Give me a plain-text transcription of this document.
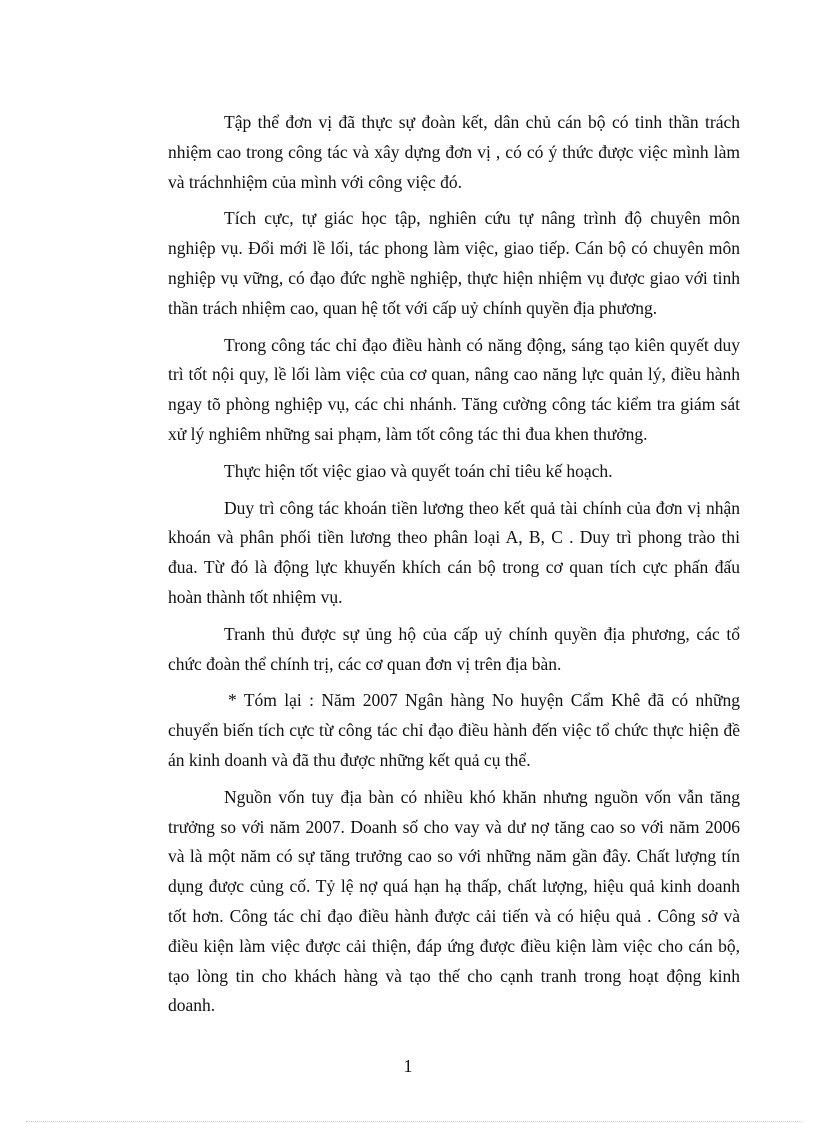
Tập thể đơn vị đã thực sự đoàn kết, dân chủ cán bộ có tinh thần trách nhiệm cao trong công tác và xây dựng đơn vị , có có ý thức được việc mình làm và tráchnhiệm của mình với công việc đó.

Tích cực, tự giác học tập, nghiên cứu tự nâng trình độ chuyên môn nghiệp vụ. Đổi mới lề lối, tác phong làm việc, giao tiếp. Cán bộ có chuyên môn nghiệp vụ vững, có đạo đức nghề nghiệp, thực hiện nhiệm vụ được giao với tinh thần trách nhiệm cao, quan hệ tốt với cấp uỷ chính quyền địa phương.

Trong công tác chỉ đạo điều hành có năng động, sáng tạo kiên quyết duy trì tốt nội quy, lề lối làm việc của cơ quan, nâng cao năng lực quản lý, điều hành ngay tõ phòng nghiệp vụ, các chi nhánh. Tăng cường công tác kiểm tra giám sát xử lý nghiêm những sai phạm, làm tốt công tác thi đua khen thưởng.

Thực hiện tốt việc giao và quyết toán chỉ tiêu kế hoạch.

Duy trì công tác khoán tiền lương theo kết quả tài chính của đơn vị nhận khoán và phân phối tiền lương theo phân loại A, B, C . Duy trì phong trào thi đua. Từ đó là động lực khuyến khích cán bộ trong cơ quan tích cực phấn đấu hoàn thành tốt nhiệm vụ.

Tranh thủ được sự ủng hộ của cấp uỷ chính quyền địa phương, các tổ chức đoàn thể chính trị, các cơ quan đơn vị trên địa bàn.

* Tóm lại : Năm 2007 Ngân hàng No huyện Cẩm Khê đã có những chuyển biến tích cực từ công tác chỉ đạo điều hành đến việc tổ chức thực hiện đề án kinh doanh và đã thu được những kết quả cụ thể.

Nguồn vốn tuy địa bàn có nhiều khó khăn nhưng nguồn vốn vẫn tăng trưởng so với năm 2007. Doanh số cho vay và dư nợ tăng cao so với năm 2006 và là một năm có sự tăng trưởng cao so với những năm gần đây. Chất lượng tín dụng được củng cố. Tỷ lệ nợ quá hạn hạ thấp, chất lượng, hiệu quả kinh doanh tốt hơn. Công tác chỉ đạo điều hành được cải tiến và có hiệu quả . Công sở và điều kiện làm việc được cải thiện, đáp ứng được điều kiện làm việc cho cán bộ, tạo lòng tin cho khách hàng và tạo thế cho cạnh tranh trong hoạt động kinh doanh.

1
